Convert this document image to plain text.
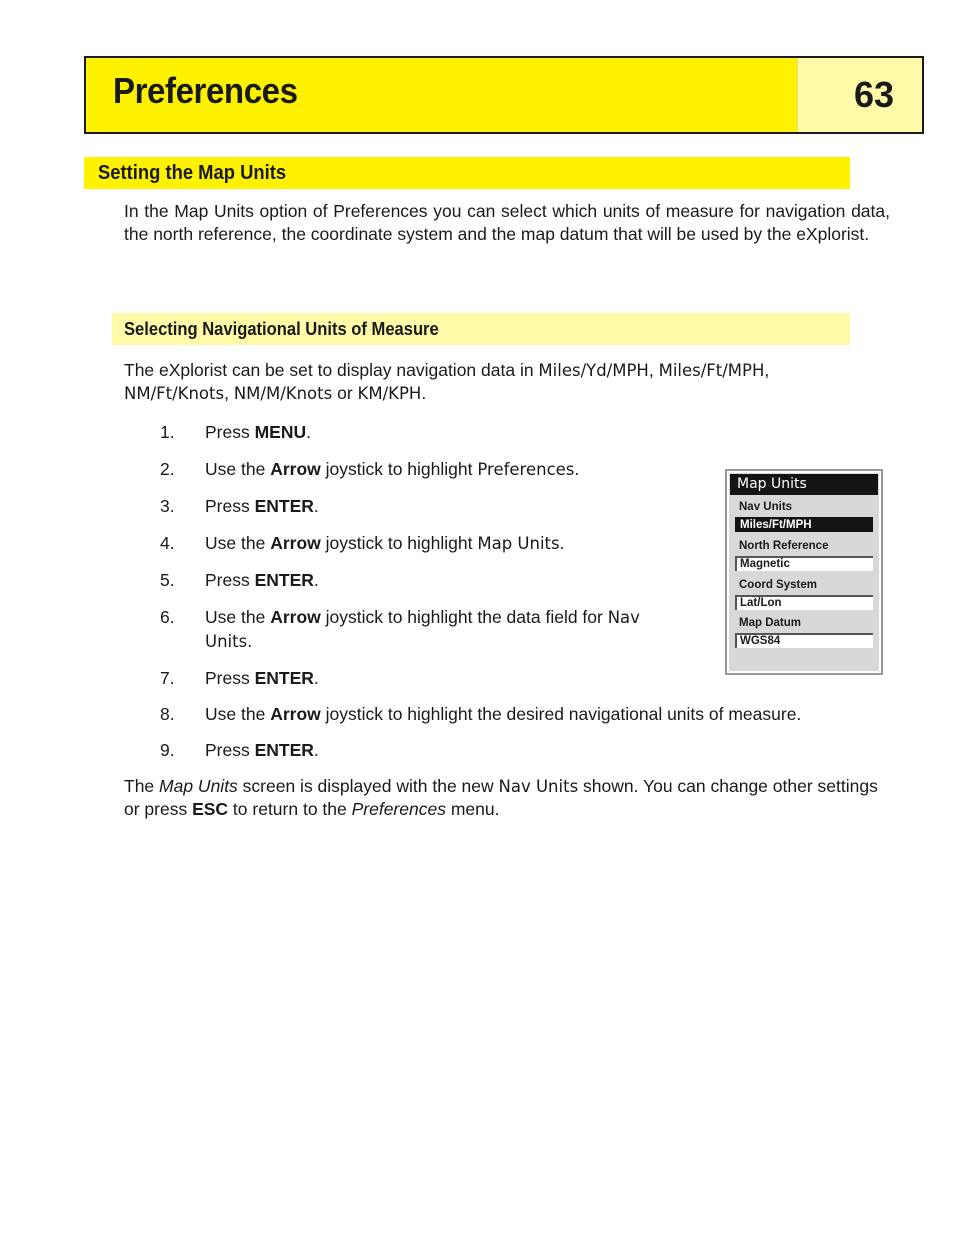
Preferences	63
Setting the Map Units
In the Map Units option of Preferences you can select which units of measure for navigation data, the north reference, the coordinate system and the map datum that will be used by the eXplorist.
Selecting Navigational Units of Measure
The eXplorist can be set to display navigation data in Miles/Yd/MPH, Miles/Ft/MPH,
NM/Ft/Knots, NM/M/Knots or KM/KPH.
1.	Press MENU.
2.	Use the Arrow joystick to highlight Preferences.
3.	Press ENTER.
4.	Use the Arrow joystick to highlight Map Units.
5.	Press ENTER.
6.	Use the Arrow joystick to highlight the data field for Nav
Units.
7.	Press ENTER.
8.	Use the Arrow joystick to highlight the desired navigational units of measure.
9.	Press ENTER.
The Map Units screen is displayed with the new Nav Units shown. You can change other settings or press ESC to return to the Preferences menu.
Map Units
Nav Units
Miles/Ft/MPH
North Reference
Magnetic
Coord System
Lat/Lon
Map Datum
WGS84
